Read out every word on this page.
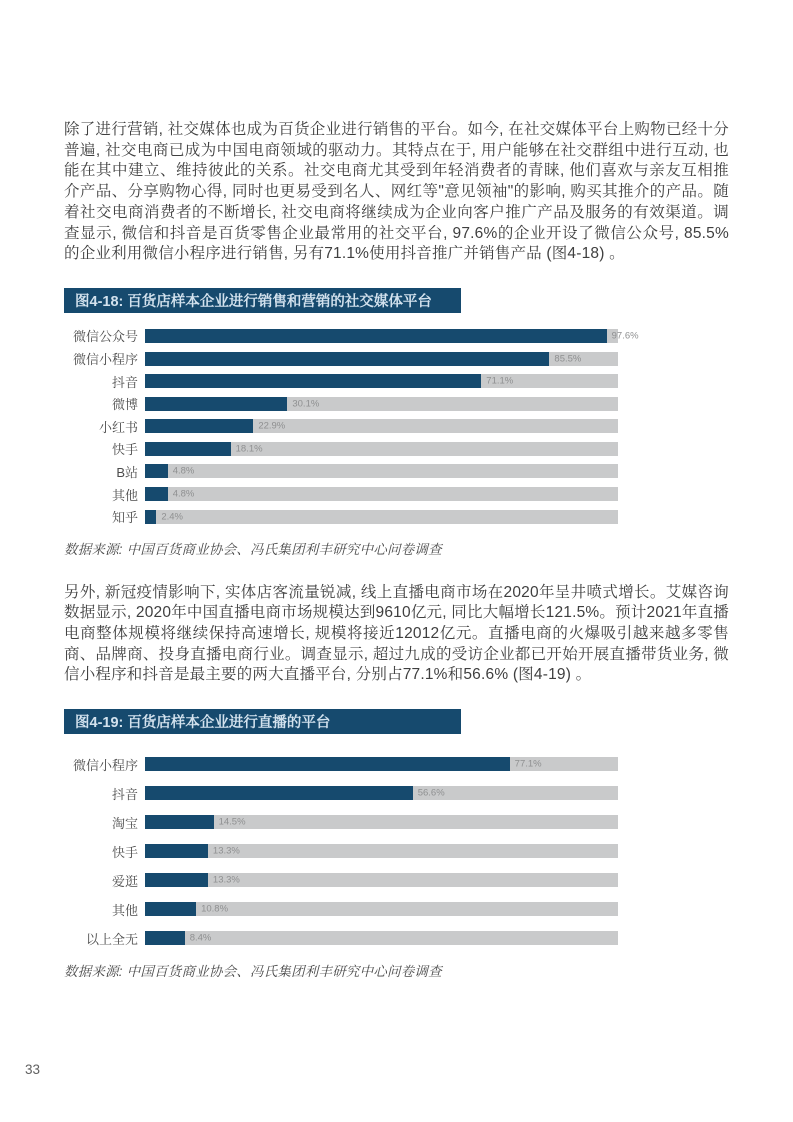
除了进行营销, 社交媒体也成为百货企业进行销售的平台。如今, 在社交媒体平台上购物已经十分普遍, 社交电商已成为中国电商领域的驱动力。其特点在于, 用户能够在社交群组中进行互动, 也能在其中建立、维持彼此的关系。社交电商尤其受到年轻消费者的青睐, 他们喜欢与亲友互相推介产品、分享购物心得, 同时也更易受到名人、网红等"意见领袖"的影响, 购买其推介的产品。随着社交电商消费者的不断增长, 社交电商将继续成为企业向客户推广产品及服务的有效渠道。调查显示, 微信和抖音是百货零售企业最常用的社交平台, 97.6%的企业开设了微信公众号, 85.5%的企业利用微信小程序进行销售, 另有71.1%使用抖音推广并销售产品 (图4-18) 。

图4-18: 百货店样本企业进行销售和营销的社交媒体平台
微信公众号	97.6%
微信小程序	85.5%
抖音	71.1%
微博	30.1%
小红书	22.9%
快手	18.1%
B站	4.8%
其他	4.8%
知乎 2.4%

数据来源: 中国百货商业协会、冯氏集团利丰研究中心问卷调查

另外, 新冠疫情影响下, 实体店客流量锐减, 线上直播电商市场在2020年呈井喷式增长。艾媒咨询数据显示, 2020年中国直播电商市场规模达到9610亿元, 同比大幅增长121.5%。预计2021年直播电商整体规模将继续保持高速增长, 规模将接近12012亿元。直播电商的火爆吸引越来越多零售商、品牌商、投身直播电商行业。调查显示, 超过九成的受访企业都已开始开展直播带货业务, 微信小程序和抖音是最主要的两大直播平台, 分别占77.1%和56.6% (图4-19) 。

图4-19: 百货店样本企业进行直播的平台
微信小程序	77.1%
抖音	56.6%
淘宝	14.5%
快手	13.3%
爱逛	13.3%
其他	10.8%
以上全无	8.4%

数据来源: 中国百货商业协会、冯氏集团利丰研究中心问卷调查

33
